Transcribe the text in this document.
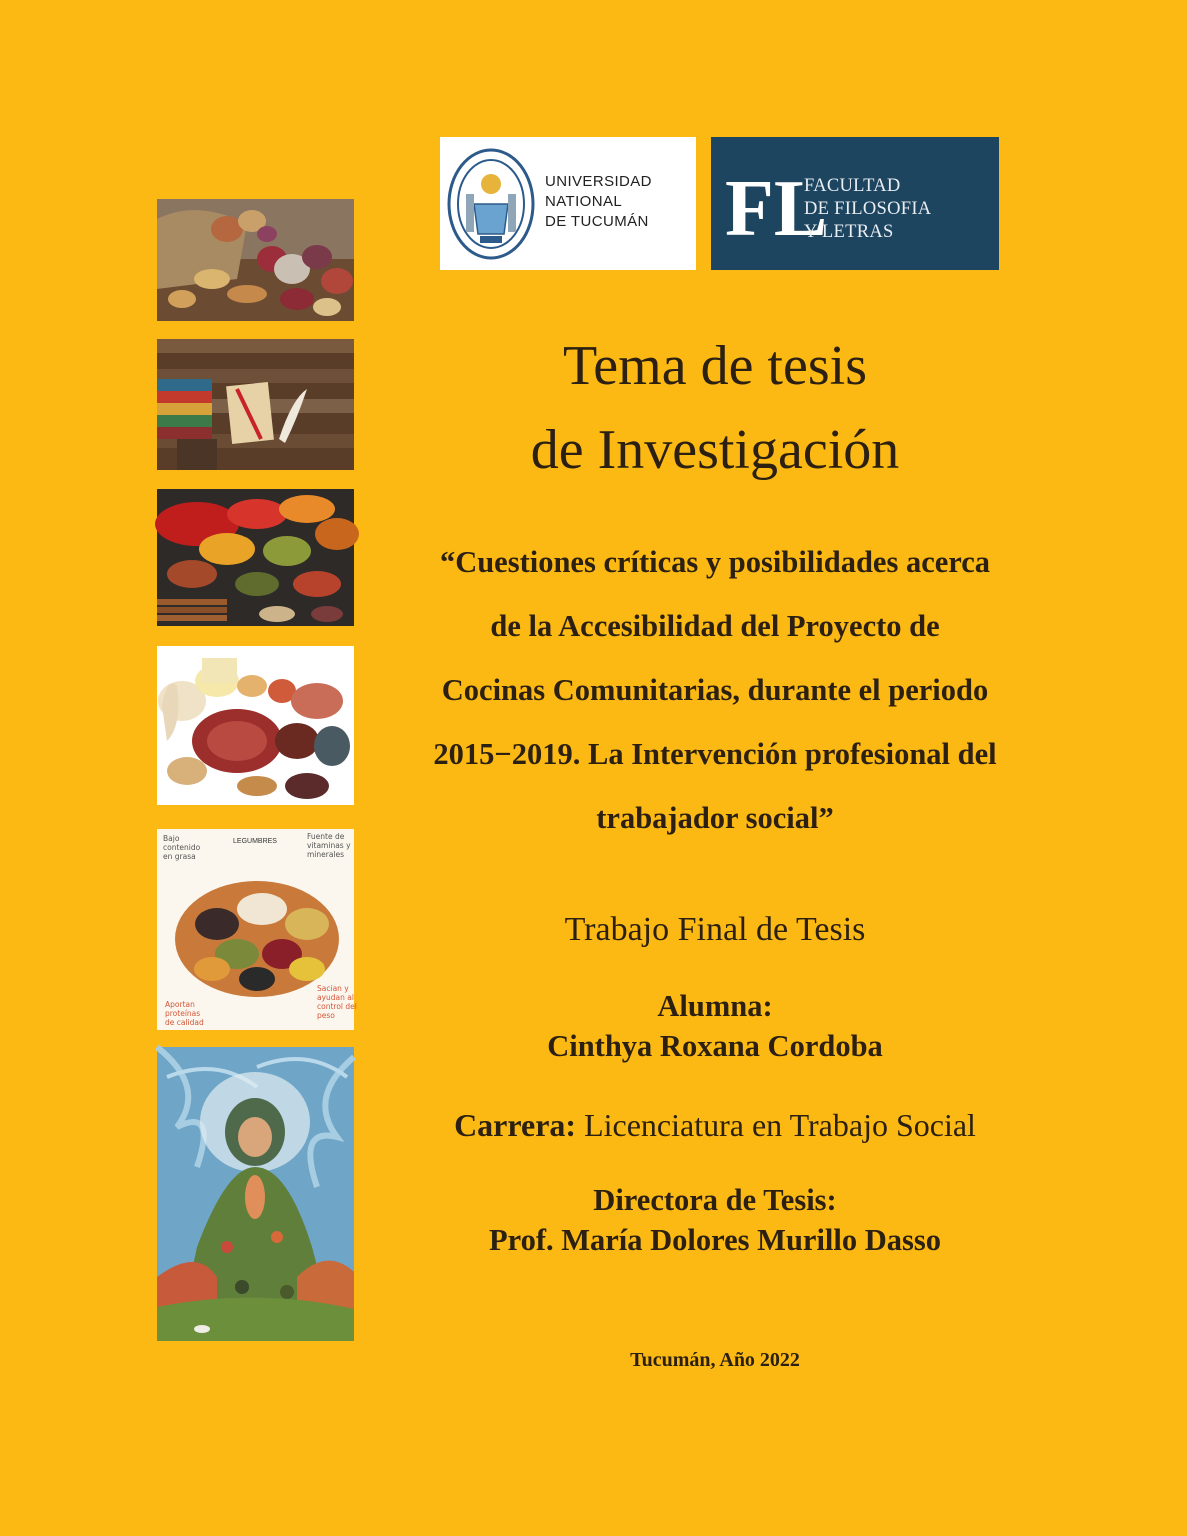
LEGUMBRES
Bajo
contenido
en grasa
Fuente de
vitaminas y
minerales
Aportan
proteínas
de calidad
Sacian y
ayudan al
control del
peso
UNIVERSIDAD
NATIONAL
DE TUCUMÁN FL
FACULTAD
DE FILOSOFIA
Y LETRAS
Tema de tesis
de Investigación
“Cuestiones críticas y posibilidades acerca
de la Accesibilidad del Proyecto de
Cocinas Comunitarias, durante el periodo
2015−2019. La Intervención profesional del
trabajador social”
Trabajo Final de Tesis
Alumna:
Cinthya Roxana Cordoba
Carrera: Licenciatura en Trabajo Social
Directora de Tesis:
Prof. María Dolores Murillo Dasso
Tucumán, Año 2022
